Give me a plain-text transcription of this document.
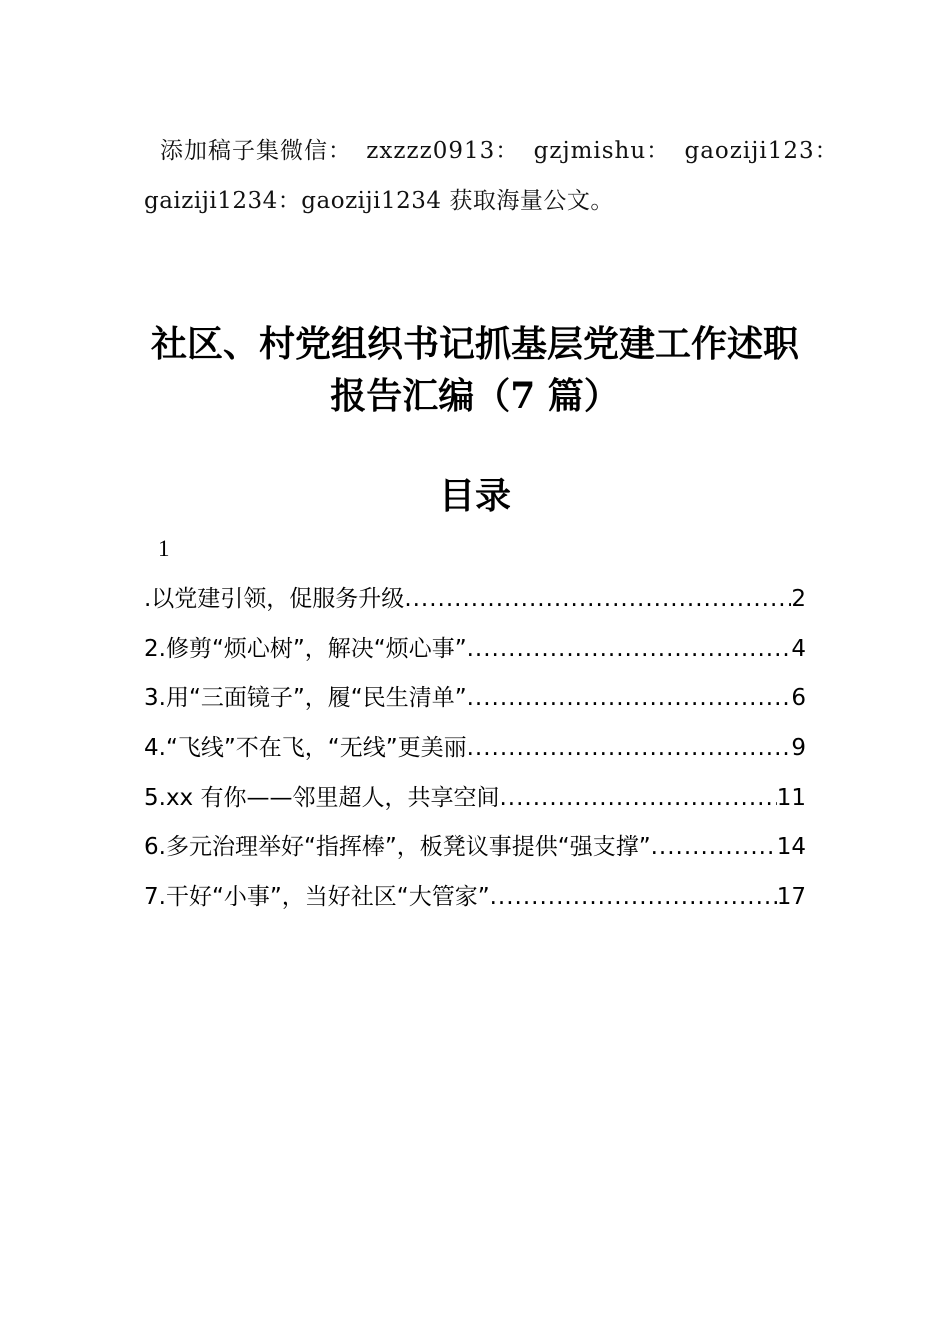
添加稿子集微信： zxzzz0913： gzjmishu： gaoziji123：
gaiziji1234：gaoziji1234 获取海量公文。
社区、村党组织书记抓基层党建工作述职
报告汇编（7 篇）
目录
1
.以党建引领，促服务升级 .....	2
2.修剪“烦心树”，解决“烦心事” .....	4
3.用“三面镜子”，履“民生清单” .....	6
4.“飞线”不在飞，“无线”更美丽 .....	9
5.xx 有你——邻里超人，共享空间 .....	11
6.多元治理举好“指挥棒”，板凳议事提供“强支撑” .....	14
7.干好“小事”，当好社区“大管家” .....	17
